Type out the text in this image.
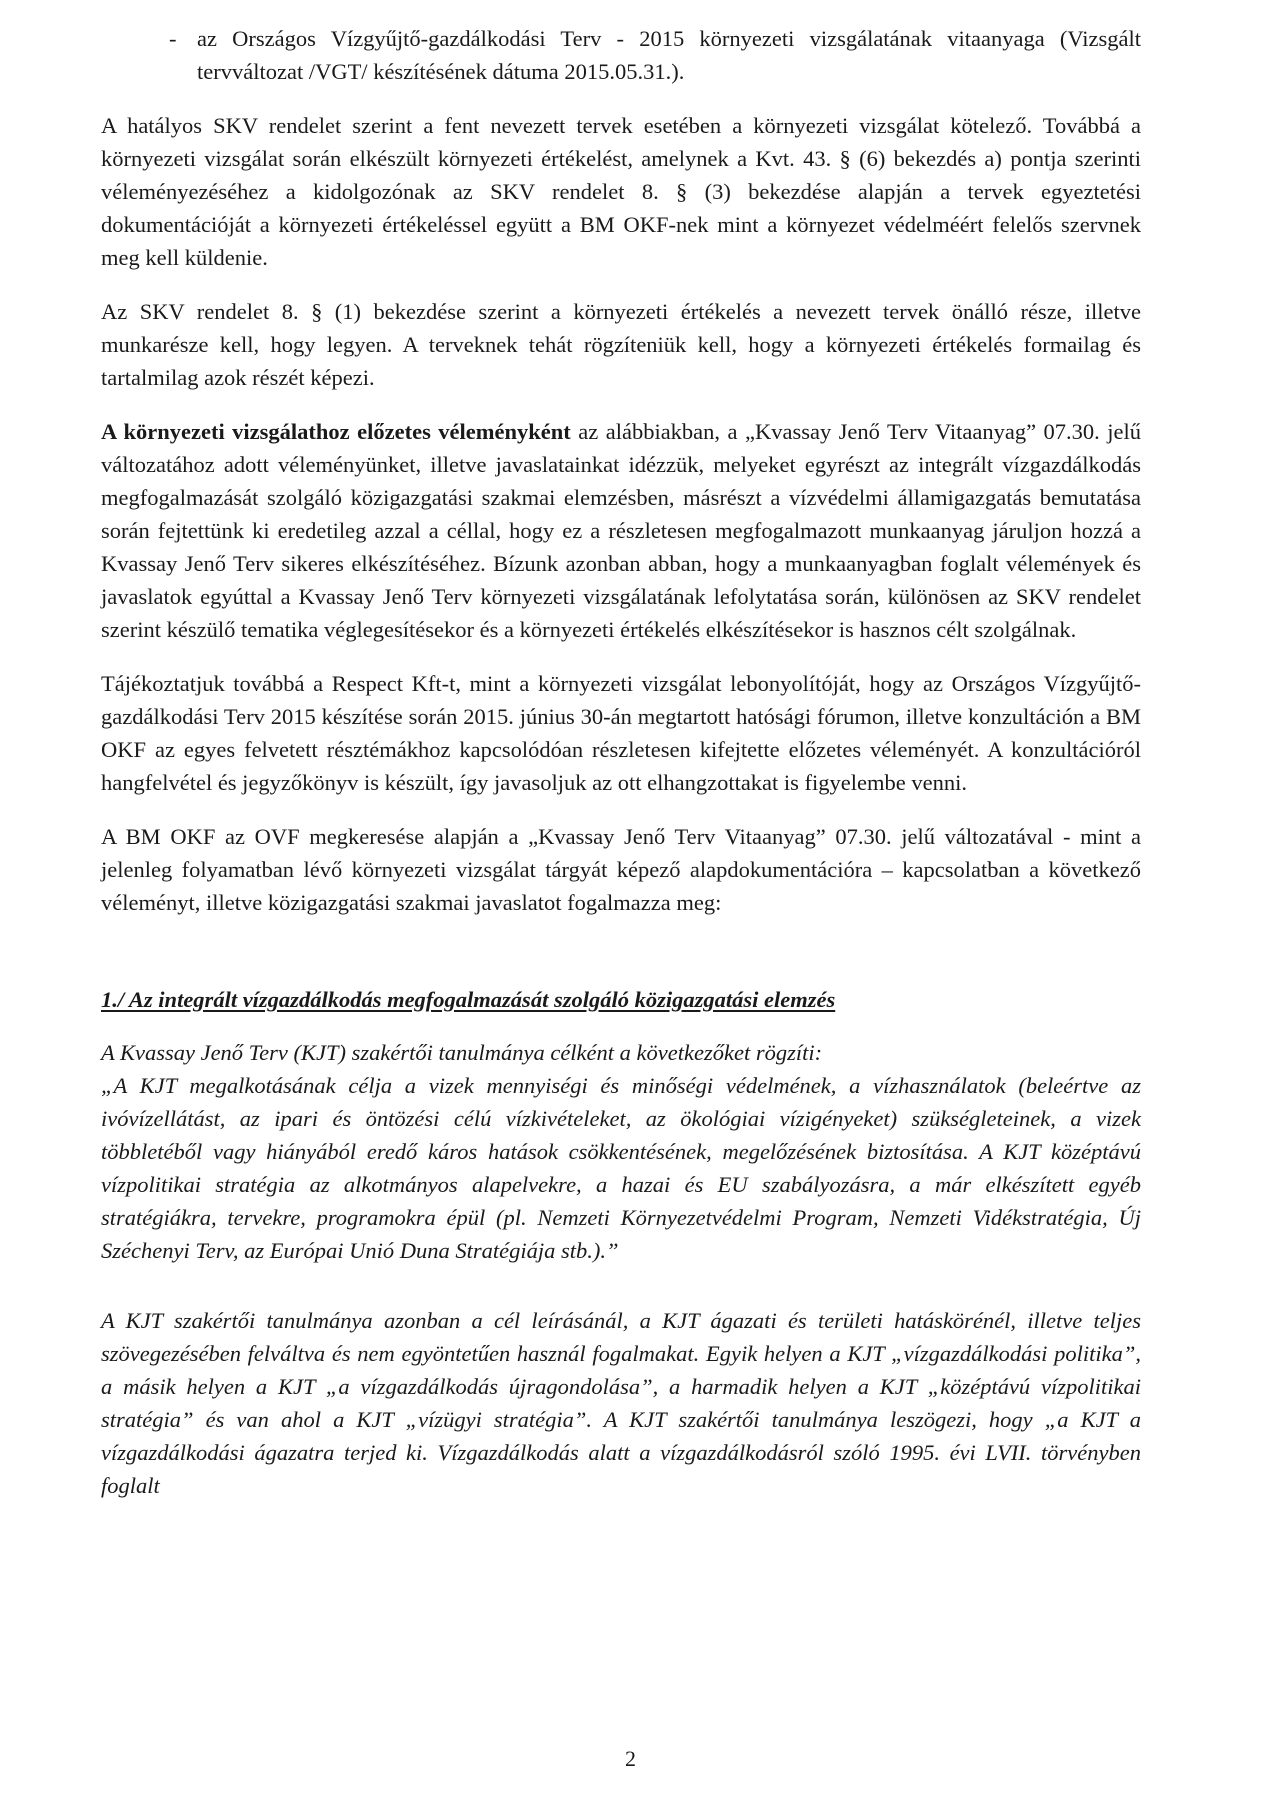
- az Országos Vízgyűjtő-gazdálkodási Terv - 2015 környezeti vizsgálatának vitaanyaga (Vizsgált tervváltozat /VGT/ készítésének dátuma 2015.05.31.).

A hatályos SKV rendelet szerint a fent nevezett tervek esetében a környezeti vizsgálat kötelező. Továbbá a környezeti vizsgálat során elkészült környezeti értékelést, amelynek a Kvt. 43. § (6) bekezdés a) pontja szerinti véleményezéséhez a kidolgozónak az SKV rendelet 8. § (3) bekezdése alapján a tervek egyeztetési dokumentációját a környezeti értékeléssel együtt a BM OKF-nek mint a környezet védelméért felelős szervnek meg kell küldenie.

Az SKV rendelet 8. § (1) bekezdése szerint a környezeti értékelés a nevezett tervek önálló része, illetve munkarésze kell, hogy legyen. A terveknek tehát rögzíteniük kell, hogy a környezeti értékelés formailag és tartalmilag azok részét képezi.

A környezeti vizsgálathoz előzetes véleményként az alábbiakban, a „Kvassay Jenő Terv Vitaanyag” 07.30. jelű változatához adott véleményünket, illetve javaslatainkat idézzük, melyeket egyrészt az integrált vízgazdálkodás megfogalmazását szolgáló közigazgatási szakmai elemzésben, másrészt a vízvédelmi államigazgatás bemutatása során fejtettünk ki eredetileg azzal a céllal, hogy ez a részletesen megfogalmazott munkaanyag járuljon hozzá a Kvassay Jenő Terv sikeres elkészítéséhez. Bízunk azonban abban, hogy a munkaanyagban foglalt vélemények és javaslatok egyúttal a Kvassay Jenő Terv környezeti vizsgálatának lefolytatása során, különösen az SKV rendelet szerint készülő tematika véglegesítésekor és a környezeti értékelés elkészítésekor is hasznos célt szolgálnak.

Tájékoztatjuk továbbá a Respect Kft-t, mint a környezeti vizsgálat lebonyolítóját, hogy az Országos Vízgyűjtő-gazdálkodási Terv 2015 készítése során 2015. június 30-án megtartott hatósági fórumon, illetve konzultáción a BM OKF az egyes felvetett résztémákhoz kapcsolódóan részletesen kifejtette előzetes véleményét. A konzultációról hangfelvétel és jegyzőkönyv is készült, így javasoljuk az ott elhangzottakat is figyelembe venni.

A BM OKF az OVF megkeresése alapján a „Kvassay Jenő Terv Vitaanyag” 07.30. jelű változatával - mint a jelenleg folyamatban lévő környezeti vizsgálat tárgyát képező alapdokumentációra – kapcsolatban a következő véleményt, illetve közigazgatási szakmai javaslatot fogalmazza meg:

1./ Az integrált vízgazdálkodás megfogalmazását szolgáló közigazgatási elemzés

A Kvassay Jenő Terv (KJT) szakértői tanulmánya célként a következőket rögzíti:

„A KJT megalkotásának célja a vizek mennyiségi és minőségi védelmének, a vízhasználatok (beleértve az ivóvízellátást, az ipari és öntözési célú vízkivételeket, az ökológiai vízigényeket) szükségleteinek, a vizek többletéből vagy hiányából eredő káros hatások csökkentésének, megelőzésének biztosítása. A KJT középtávú vízpolitikai stratégia az alkotmányos alapelvekre, a hazai és EU szabályozásra, a már elkészített egyéb stratégiákra, tervekre, programokra épül (pl. Nemzeti Környezetvédelmi Program, Nemzeti Vidékstratégia, Új Széchenyi Terv, az Európai Unió Duna Stratégiája stb.).”

A KJT szakértői tanulmánya azonban a cél leírásánál, a KJT ágazati és területi hatáskörénél, illetve teljes szövegezésében felváltva és nem egyöntetűen használ fogalmakat. Egyik helyen a KJT „vízgazdálkodási politika”, a másik helyen a KJT „a vízgazdálkodás újragondolása”, a harmadik helyen a KJT „középtávú vízpolitikai stratégia” és van ahol a KJT „vízügyi stratégia”. A KJT szakértői tanulmánya leszögezi, hogy „a KJT a vízgazdálkodási ágazatra terjed ki. Vízgazdálkodás alatt a vízgazdálkodásról szóló 1995. évi LVII. törvényben foglalt

2
